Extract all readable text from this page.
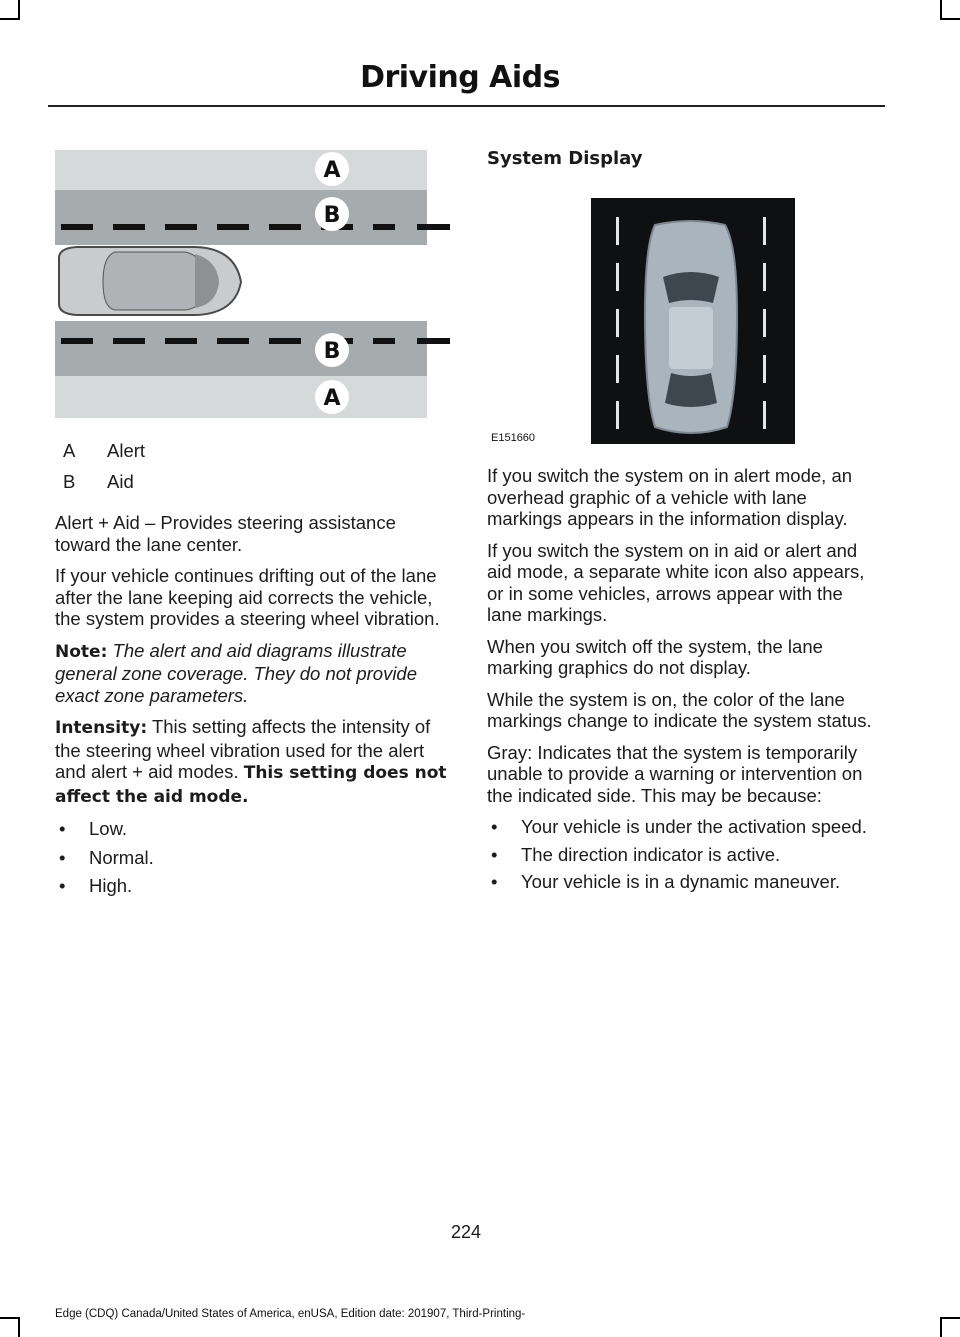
Driving Aids
A
B
B
A
A	Alert
B	Aid

Alert + Aid – Provides steering assistance toward the lane center.

If your vehicle continues drifting out of the lane after the lane keeping aid corrects the vehicle, the system provides a steering wheel vibration.

Note: The alert and aid diagrams illustrate general zone coverage. They do not provide exact zone parameters.

Intensity: This setting affects the intensity of the steering wheel vibration used for the alert and alert + aid modes. This setting does not affect the aid mode.

• Low.
• Normal.
• High.
System Display
E151660

If you switch the system on in alert mode, an overhead graphic of a vehicle with lane markings appears in the information display.

If you switch the system on in aid or alert and aid mode, a separate white icon also appears, or in some vehicles, arrows appear with the lane markings.

When you switch off the system, the lane marking graphics do not display.

While the system is on, the color of the lane markings change to indicate the system status.

Gray: Indicates that the system is temporarily unable to provide a warning or intervention on the indicated side. This may be because:

• Your vehicle is under the activation speed.
• The direction indicator is active.
• Your vehicle is in a dynamic maneuver.
224
Edge (CDQ) Canada/United States of America, enUSA, Edition date: 201907, Third-Printing-
